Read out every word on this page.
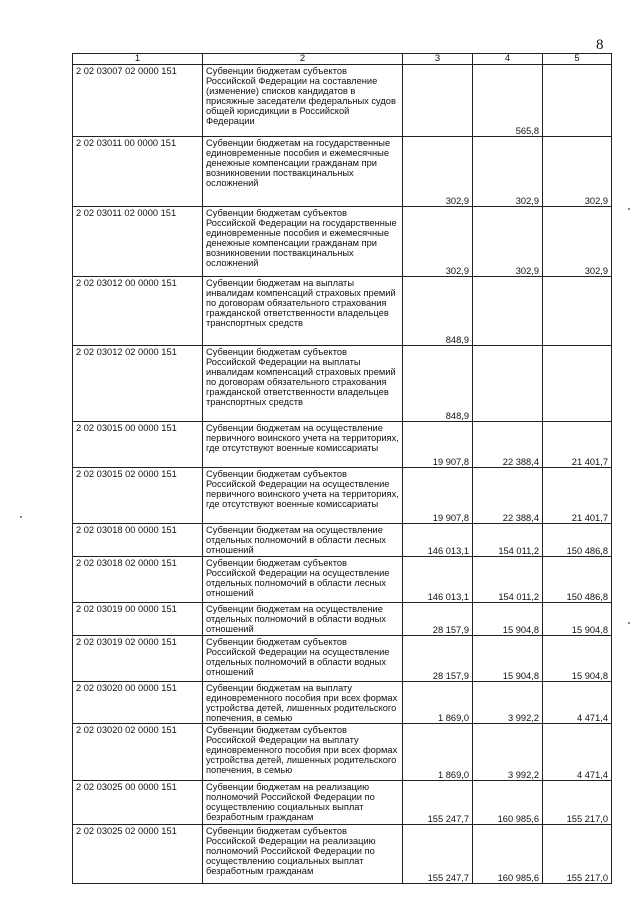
8
1	2	3	4	5
2 02 03007 02 0000 151	Субвенции бюджетам субъектов Российской Федерации на составление (изменение) списков кандидатов в присяжные заседатели федеральных судов общей юрисдикции в Российской Федерации		565,8	
2 02 03011 00 0000 151	Субвенции бюджетам на государственные единовременные пособия и ежемесячные денежные компенсации гражданам при возникновении поствакцинальных осложнений	302,9	302,9	302,9
2 02 03011 02 0000 151	Субвенции бюджетам субъектов Российской Федерации на государственные единовременные пособия и ежемесячные денежные компенсации гражданам при возникновении поствакцинальных осложнений	302,9	302,9	302,9
2 02 03012 00 0000 151	Субвенции бюджетам на выплаты инвалидам компенсаций страховых премий по договорам обязательного страхования гражданской ответственности владельцев транспортных средств	848,9		
2 02 03012 02 0000 151	Субвенции бюджетам субъектов Российской Федерации на выплаты инвалидам компенсаций страховых премий по договорам обязательного страхования гражданской ответственности владельцев транспортных средств	848,9		
2 02 03015 00 0000 151	Субвенции бюджетам на осуществление первичного воинского учета на территориях, где отсутствуют военные комиссариаты	19 907,8	22 388,4	21 401,7
2 02 03015 02 0000 151	Субвенции бюджетам субъектов Российской Федерации на осуществление первичного воинского учета на территориях, где отсутствуют военные комиссариаты	19 907,8	22 388,4	21 401,7
2 02 03018 00 0000 151	Субвенции бюджетам на осуществление отдельных полномочий в области лесных отношений	146 013,1	154 011,2	150 486,8
2 02 03018 02 0000 151	Субвенции бюджетам субъектов Российской Федерации на осуществление отдельных полномочий в области лесных отношений	146 013,1	154 011,2	150 486,8
2 02 03019 00 0000 151	Субвенции бюджетам на осуществление отдельных полномочий в области водных отношений	28 157,9	15 904,8	15 904,8
2 02 03019 02 0000 151	Субвенции бюджетам субъектов Российской Федерации на осуществление отдельных полномочий в области водных отношений	28 157,9	15 904,8	15 904,8
2 02 03020 00 0000 151	Субвенции бюджетам на выплату единовременного пособия при всех формах устройства детей, лишенных родительского попечения, в семью	1 869,0	3 992,2	4 471,4
2 02 03020 02 0000 151	Субвенции бюджетам субъектов Российской Федерации на выплату единовременного пособия при всех формах устройства детей, лишенных родительского попечения, в семью	1 869,0	3 992,2	4 471,4
2 02 03025 00 0000 151	Субвенции бюджетам на реализацию полномочий Российской Федерации по осуществлению социальных выплат безработным гражданам	155 247,7	160 985,6	155 217,0
2 02 03025 02 0000 151	Субвенции бюджетам субъектов Российской Федерации на реализацию полномочий Российской Федерации по осуществлению социальных выплат безработным гражданам	155 247,7	160 985,6	155 217,0
